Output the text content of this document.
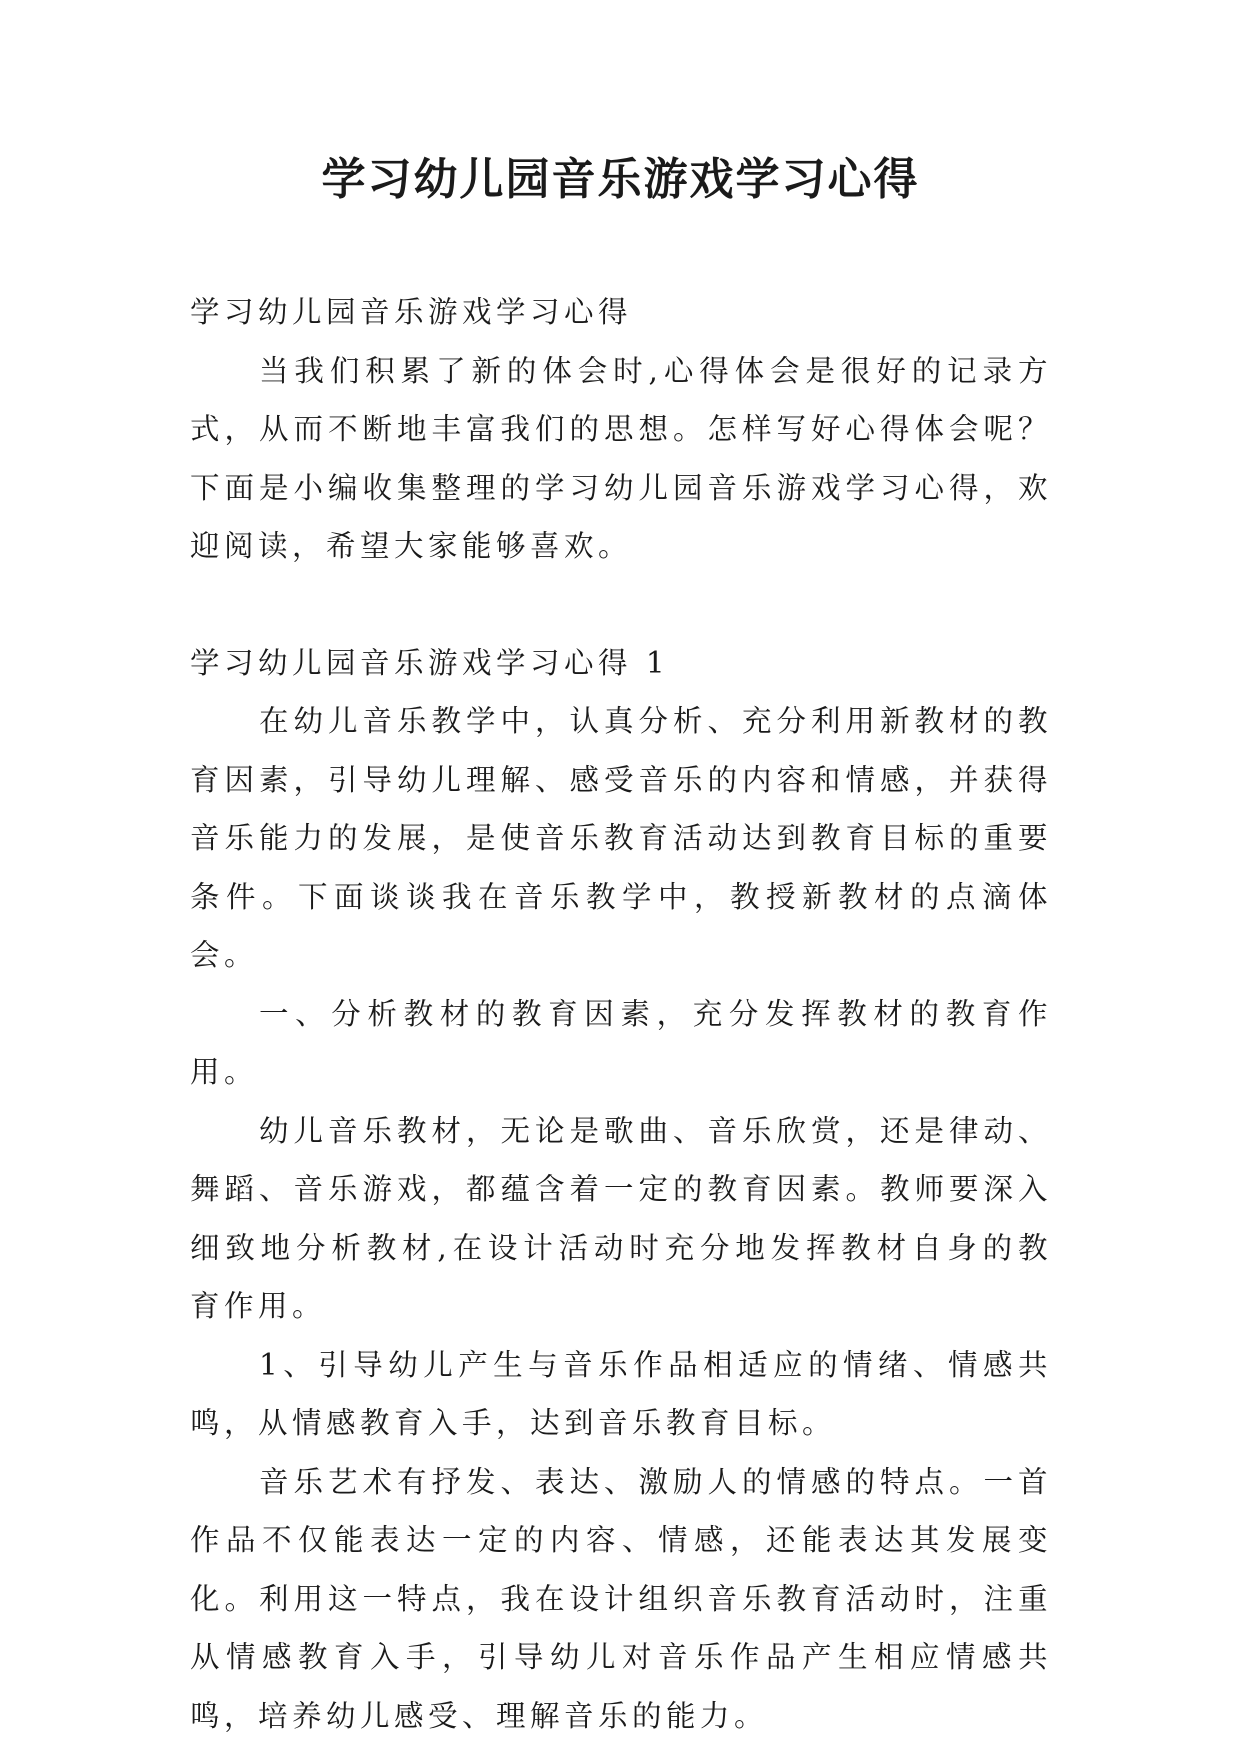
学习幼儿园音乐游戏学习心得

学习幼儿园音乐游戏学习心得

当我们积累了新的体会时,心得体会是很好的记录方式，从而不断地丰富我们的思想。怎样写好心得体会呢？下面是小编收集整理的学习幼儿园音乐游戏学习心得，欢迎阅读，希望大家能够喜欢。

学习幼儿园音乐游戏学习心得 1

在幼儿音乐教学中，认真分析、充分利用新教材的教育因素，引导幼儿理解、感受音乐的内容和情感，并获得音乐能力的发展，是使音乐教育活动达到教育目标的重要条件。下面谈谈我在音乐教学中，教授新教材的点滴体会。

一、分析教材的教育因素，充分发挥教材的教育作用。

幼儿音乐教材，无论是歌曲、音乐欣赏，还是律动、舞蹈、音乐游戏，都蕴含着一定的教育因素。教师要深入细致地分析教材,在设计活动时充分地发挥教材自身的教育作用。

1、引导幼儿产生与音乐作品相适应的情绪、情感共鸣，从情感教育入手，达到音乐教育目标。

音乐艺术有抒发、表达、激励人的情感的特点。一首作品不仅能表达一定的内容、情感，还能表达其发展变化。利用这一特点，我在设计组织音乐教育活动时，注重从情感教育入手，引导幼儿对音乐作品产生相应情感共鸣，培养幼儿感受、理解音乐的能力。
